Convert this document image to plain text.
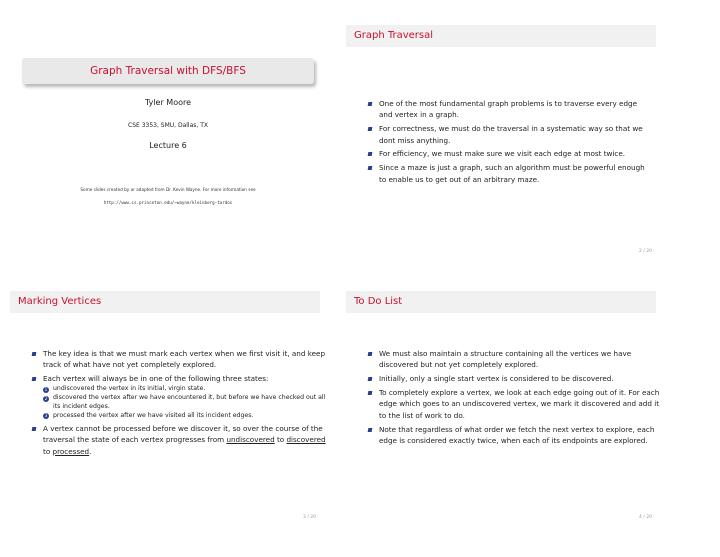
Graph Traversal with DFS/BFS
Tyler Moore
CSE 3353, SMU, Dallas, TX
Lecture 6
Some slides created by or adapted from Dr. Kevin Wayne. For more information see
http://www.cs.princeton.edu/~wayne/kleinberg-tardos
Graph Traversal
One of the most fundamental graph problems is to traverse every edge and vertex in a graph.
For correctness, we must do the traversal in a systematic way so that we dont miss anything.
For efficiency, we must make sure we visit each edge at most twice.
Since a maze is just a graph, such an algorithm must be powerful enough to enable us to get out of an arbitrary maze.
2 / 20
Marking Vertices
The key idea is that we must mark each vertex when we first visit it, and keep track of what have not yet completely explored.
Each vertex will always be in one of the following three states:
1 undiscovered the vertex in its initial, virgin state.
2 discovered the vertex after we have encountered it, but before we have checked out all its incident edges.
3 processed the vertex after we have visited all its incident edges.
A vertex cannot be processed before we discover it, so over the course of the traversal the state of each vertex progresses from undiscovered to discovered to processed.
3 / 20
To Do List
We must also maintain a structure containing all the vertices we have discovered but not yet completely explored.
Initially, only a single start vertex is considered to be discovered.
To completely explore a vertex, we look at each edge going out of it. For each edge which goes to an undiscovered vertex, we mark it discovered and add it to the list of work to do.
Note that regardless of what order we fetch the next vertex to explore, each edge is considered exactly twice, when each of its endpoints are explored.
4 / 20
